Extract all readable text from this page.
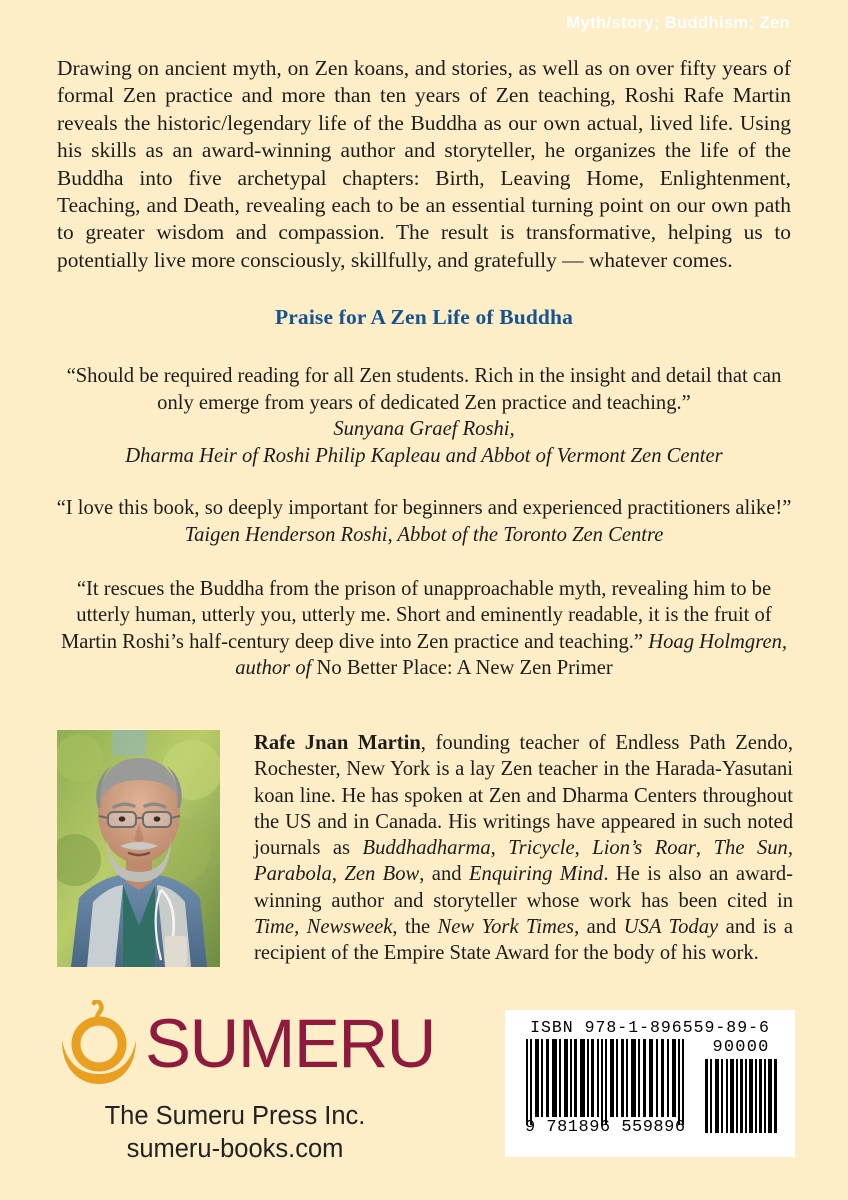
Myth/story; Buddhism; Zen
Drawing on ancient myth, on Zen koans, and stories, as well as on over fifty years of formal Zen practice and more than ten years of Zen teaching, Roshi Rafe Martin reveals the historic/legendary life of the Buddha as our own actual, lived life. Using his skills as an award-winning author and storyteller, he organizes the life of the Buddha into five archetypal chapters: Birth, Leaving Home, Enlightenment, Teaching, and Death, revealing each to be an essential turning point on our own path to greater wisdom and compassion. The result is transformative, helping us to potentially live more consciously, skillfully, and gratefully — whatever comes.
Praise for A Zen Life of Buddha
“Should be required reading for all Zen students. Rich in the insight and detail that can only emerge from years of dedicated Zen practice and teaching.”
Sunyana Graef Roshi,
Dharma Heir of Roshi Philip Kapleau and Abbot of Vermont Zen Center
“I love this book, so deeply important for beginners and experienced practitioners alike!” Taigen Henderson Roshi, Abbot of the Toronto Zen Centre
“It rescues the Buddha from the prison of unapproachable myth, revealing him to be utterly human, utterly you, utterly me. Short and eminently readable, it is the fruit of Martin Roshi’s half-century deep dive into Zen practice and teaching.” Hoag Holmgren, author of No Better Place: A New Zen Primer
Rafe Jnan Martin, founding teacher of Endless Path Zendo, Rochester, New York is a lay Zen teacher in the Harada-Yasutani koan line. He has spoken at Zen and Dharma Centers throughout the US and in Canada. His writings have appeared in such noted journals as Buddhadharma, Tricycle, Lion’s Roar, The Sun, Parabola, Zen Bow, and Enquiring Mind. He is also an award-winning author and storyteller whose work has been cited in Time, Newsweek, the New York Times, and USA Today and is a recipient of the Empire State Award for the body of his work.
SUMERU
The Sumeru Press Inc.
sumeru-books.com
ISBN 978-1-896559-89-6
90000
9 781896 559896
